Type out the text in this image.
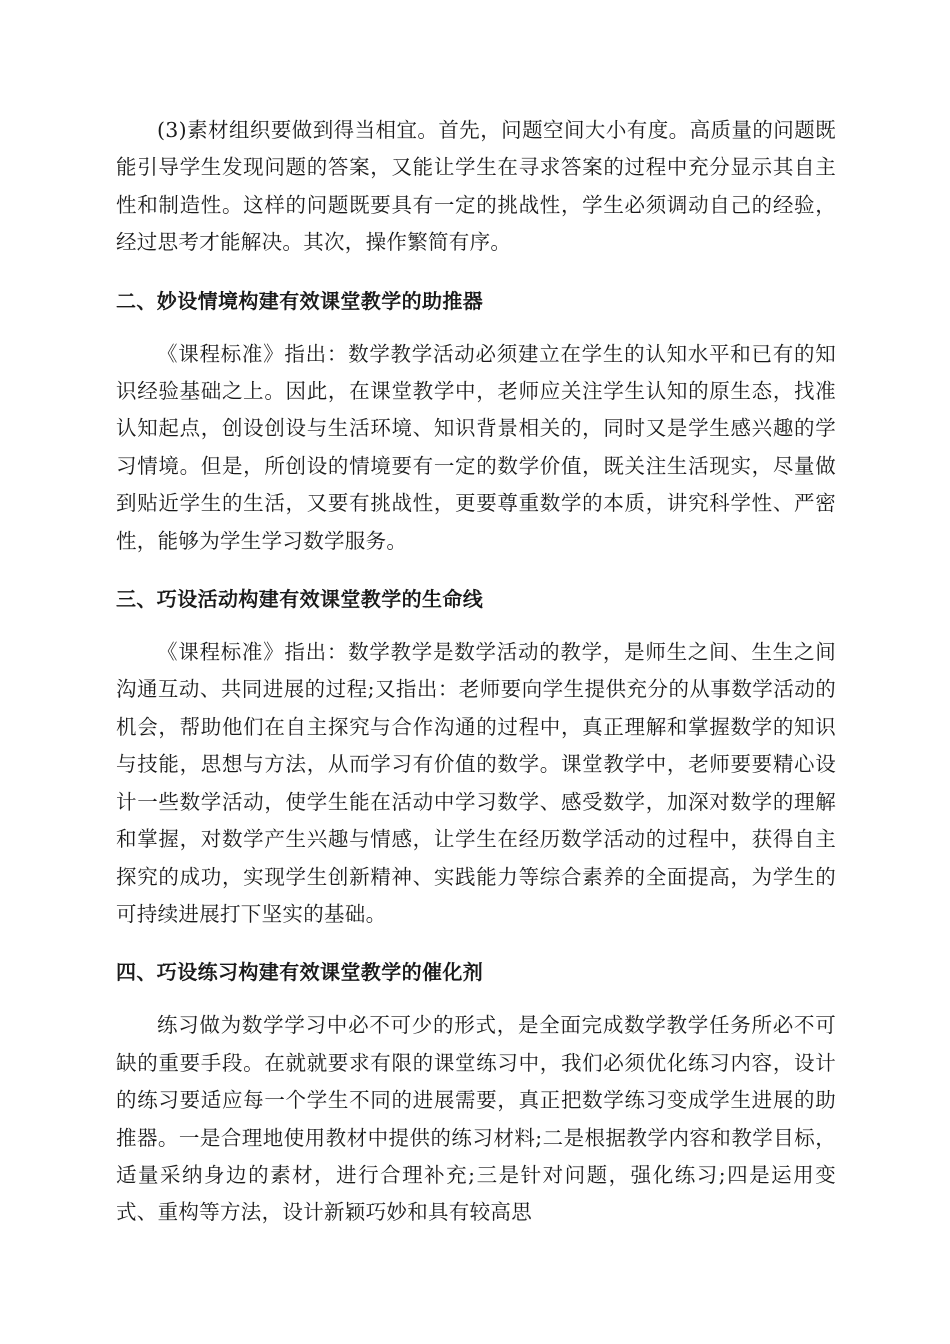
(3)素材组织要做到得当相宜。首先，问题空间大小有度。高质量的问题既能引导学生发现问题的答案，又能让学生在寻求答案的过程中充分显示其自主性和制造性。这样的问题既要具有一定的挑战性，学生必须调动自己的经验，经过思考才能解决。其次，操作繁简有序。

二、妙设情境构建有效课堂教学的助推器

《课程标准》指出：数学教学活动必须建立在学生的认知水平和已有的知识经验基础之上。因此，在课堂教学中，老师应关注学生认知的原生态，找准认知起点，创设创设与生活环境、知识背景相关的，同时又是学生感兴趣的学习情境。但是，所创设的情境要有一定的数学价值，既关注生活现实，尽量做到贴近学生的生活，又要有挑战性，更要尊重数学的本质，讲究科学性、严密性，能够为学生学习数学服务。

三、巧设活动构建有效课堂教学的生命线

《课程标准》指出：数学教学是数学活动的教学，是师生之间、生生之间沟通互动、共同进展的过程;又指出：老师要向学生提供充分的从事数学活动的机会，帮助他们在自主探究与合作沟通的过程中，真正理解和掌握数学的知识与技能，思想与方法，从而学习有价值的数学。课堂教学中，老师要要精心设计一些数学活动，使学生能在活动中学习数学、感受数学，加深对数学的理解和掌握，对数学产生兴趣与情感，让学生在经历数学活动的过程中，获得自主探究的成功，实现学生创新精神、实践能力等综合素养的全面提高，为学生的可持续进展打下坚实的基础。

四、巧设练习构建有效课堂教学的催化剂

练习做为数学学习中必不可少的形式，是全面完成数学教学任务所必不可缺的重要手段。在就就要求有限的课堂练习中，我们必须优化练习内容，设计的练习要适应每一个学生不同的进展需要，真正把数学练习变成学生进展的助推器。一是合理地使用教材中提供的练习材料;二是根据教学内容和教学目标，适量采纳身边的素材，进行合理补充;三是针对问题，强化练习;四是运用变式、重构等方法，设计新颖巧妙和具有较高思
